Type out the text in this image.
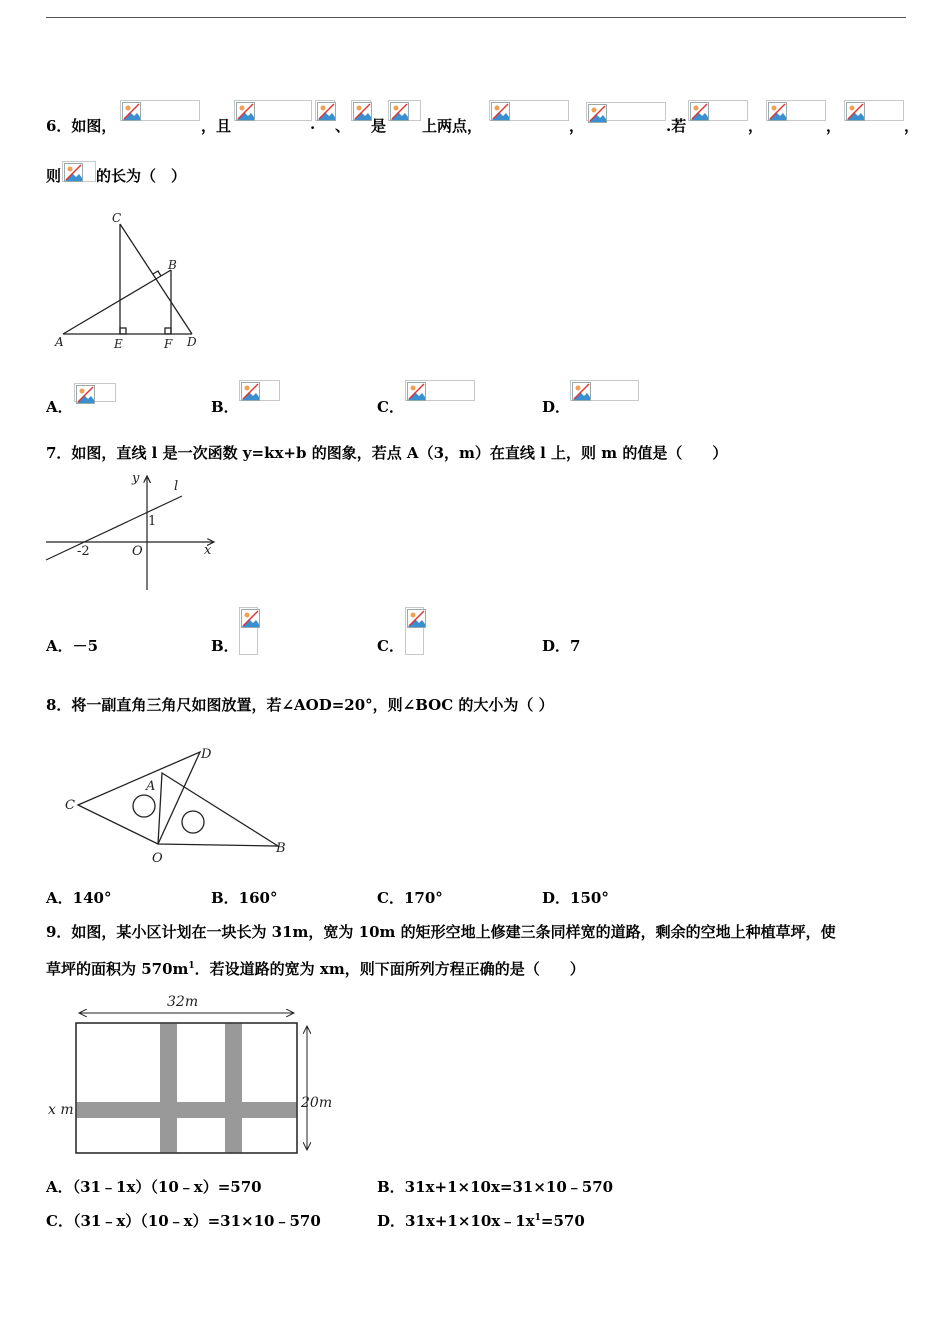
6．如图，	，且	. 、 是 上两点，	，	.若	，	，	，
则 的长为（　）
C
B
A	E	F D
A．	B．	C．	D．
7．如图，直线 l 是一次函数 y=kx+b 的图象，若点 A（3，m）在直线 l 上，则 m 的值是（　　）
y
l
1
-2	O	x
A．－5	B．	C．	D．7
8．将一副直角三角尺如图放置，若∠AOD=20°，则∠BOC 的大小为（ ）
D
A
C
O
B
A．140°	B．160°	C．170°	D．150°
9．如图，某小区计划在一块长为 31m，宽为 10m 的矩形空地上修建三条同样宽的道路，剩余的空地上种植草坪，使
草坪的面积为 $570m^1$．若设道路的宽为 xm，则下面所列方程正确的是（　　）
32m
20m
x m
A．（31﹣1x）（10﹣x）=570	B．31x+1×10x=31×10﹣570
C．（31﹣x）（10﹣x）=31×10﹣570	D．$31x+1\times 10x﹣1x^1=570$
